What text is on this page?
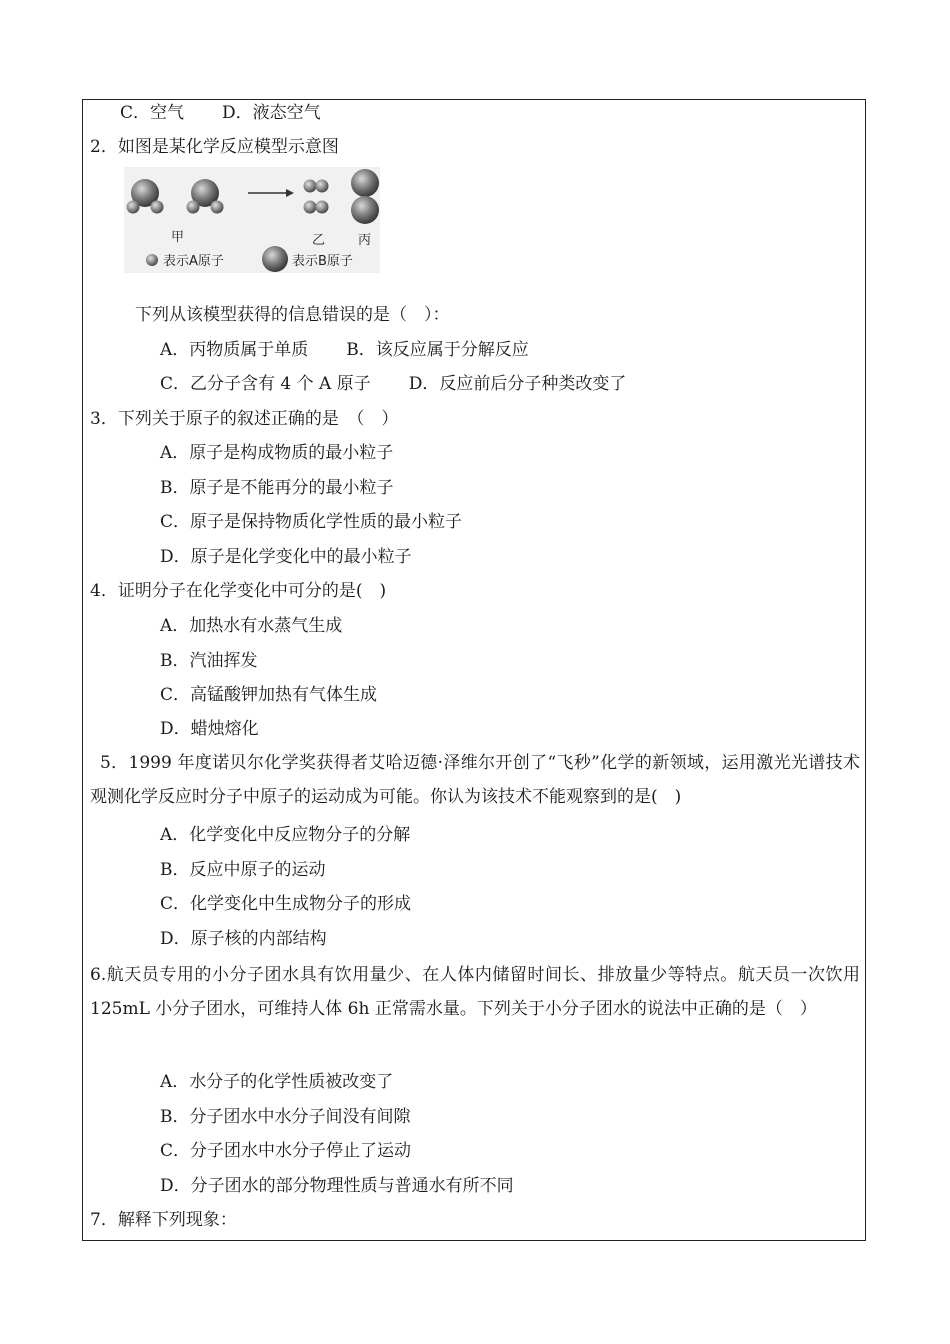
C．空气 D．液态空气
2．如图是某化学反应模型示意图
甲	乙	丙
表示A原子	表示B原子
下列从该模型获得的信息错误的是（　）：
A．丙物质属于单质 B．该反应属于分解反应
C．乙分子含有 4 个 A 原子 D．反应前后分子种类改变了
3．下列关于原子的叙述正确的是　（　）
A．原子是构成物质的最小粒子
B．原子是不能再分的最小粒子
C．原子是保持物质化学性质的最小粒子
D．原子是化学变化中的最小粒子
4．证明分子在化学变化中可分的是(　)
A．加热水有水蒸气生成
B．汽油挥发
C．高锰酸钾加热有气体生成
D．蜡烛熔化
5．1999 年度诺贝尔化学奖获得者艾哈迈德·泽维尔开创了“飞秒”化学的新领域，运用激光光谱技术观测化学反应时分子中原子的运动成为可能。你认为该技术不能观察到的是(　)
A．化学变化中反应物分子的分解
B．反应中原子的运动
C．化学变化中生成物分子的形成
D．原子核的内部结构
6.航天员专用的小分子团水具有饮用量少、在人体内储留时间长、排放量少等特点。航天员一次饮用 125mL 小分子团水，可维持人体 6h 正常需水量。下列关于小分子团水的说法中正确的是（　）
A．水分子的化学性质被改变了
B．分子团水中水分子间没有间隙
C．分子团水中水分子停止了运动
D．分子团水的部分物理性质与普通水有所不同
7．解释下列现象：
